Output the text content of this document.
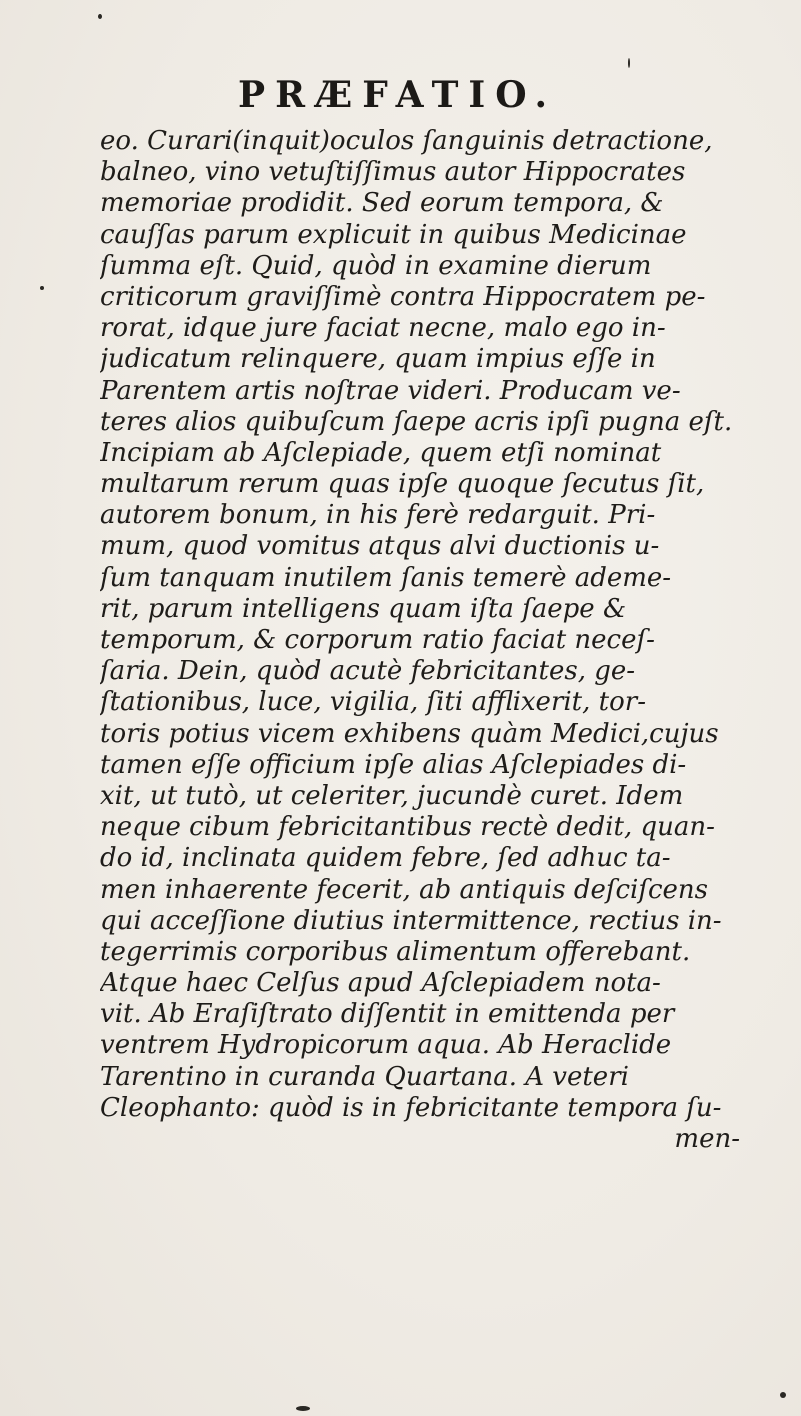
PRÆFATIO.
eo. Curari(inquit)oculos ſanguinis detractione,
balneo, vino vetuſtiſſimus autor Hippocrates
memoriae prodidit. Sed eorum tempora, &
cauſſas parum explicuit in quibus Medicinae
ſumma eſt. Quid, quòd in examine dierum
criticorum graviſſimè contra Hippocratem pe-
rorat, idque jure faciat necne, malo ego in-
judicatum relinquere, quam impius eſſe in
Parentem artis noſtrae videri. Producam ve-
teres alios quibuſcum ſaepe acris ipſi pugna eſt.
Incipiam ab Aſclepiade, quem etſi nominat
multarum rerum quas ipſe quoque ſecutus ſit,
autorem bonum, in his ferè redarguit. Pri-
mum, quod vomitus atqus alvi ductionis u-
ſum tanquam inutilem ſanis temerè ademe-
rit, parum intelligens quam iſta ſaepe &
temporum, & corporum ratio faciat neceſ-
ſaria. Dein, quòd acutè febricitantes, ge-
ſtationibus, luce, vigilia, ſiti afflixerit, tor-
toris potius vicem exhibens quàm Medici,cujus
tamen eſſe officium ipſe alias Aſclepiades di-
xit, ut tutò, ut celeriter, jucundè curet. Idem
neque cibum febricitantibus rectè dedit, quan-
do id, inclinata quidem febre, ſed adhuc ta-
men inhaerente fecerit, ab antiquis deſciſcens
qui acceſſione diutius intermittence, rectius in-
tegerrimis corporibus alimentum offerebant.
Atque haec Celſus apud Aſclepiadem nota-
vit. Ab Eraſiſtrato diſſentit in emittenda per
ventrem Hydropicorum aqua. Ab Heraclide
Tarentino in curanda Quartana. A veteri
Cleophanto: quòd is in febricitante tempora ſu-
men-
